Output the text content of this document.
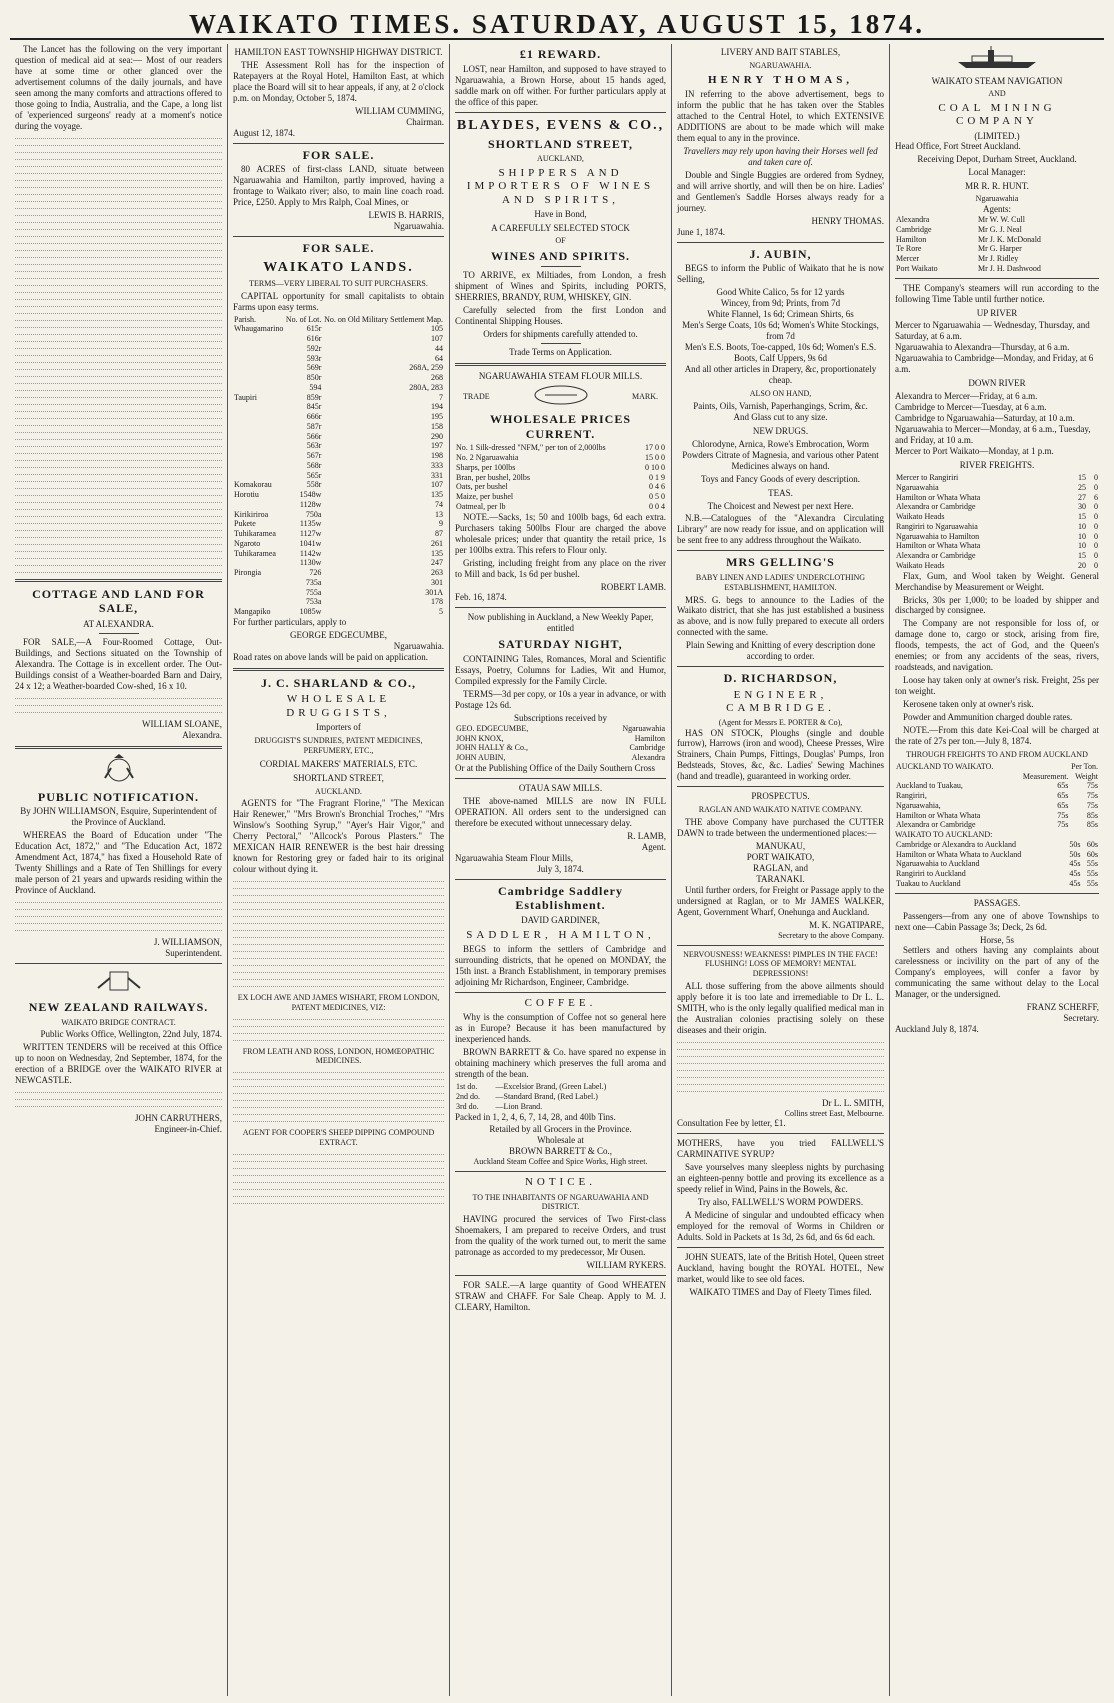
WAIKATO TIMES. SATURDAY, AUGUST 15, 1874.

The Lancet has the following on the very important question of medical aid at sea:— Most of our readers have at some time or other glanced over the advertisement columns of the daily journals, and have seen among the many comforts and attractions offered to those going to India, Australia, and the Cape, a long list of 'experienced surgeons' ready at a moment's notice during the voyage.

COTTAGE AND LAND FOR SALE,
AT ALEXANDRA.

FOR SALE,—A Four-Roomed Cottage, Out-Buildings, and Sections situated on the Township of Alexandra. The Cottage is in excellent order. The Out-Buildings consist of a Weather-boarded Barn and Dairy, 24 x 12; a Weather-boarded Cow-shed, 16 x 10.

WILLIAM SLOANE,
Alexandra.
PUBLIC NOTIFICATION.

By JOHN WILLIAMSON, Esquire, Superintendent of the Province of Auckland.

WHEREAS the Board of Education under "The Education Act, 1872," and "The Education Act, 1872 Amendment Act, 1874," has fixed a Household Rate of Twenty Shillings and a Rate of Ten Shillings for every male person of 21 years and upwards residing within the Province of Auckland.

J. WILLIAMSON,
Superintendent.
NEW ZEALAND RAILWAYS.
WAIKATO BRIDGE CONTRACT.

Public Works Office, Wellington, 22nd July, 1874.

WRITTEN TENDERS will be received at this Office up to noon on Wednesday, 2nd September, 1874, for the erection of a BRIDGE over the WAIKATO RIVER at NEWCASTLE.

JOHN CARRUTHERS,
Engineer-in-Chief.
HAMILTON EAST TOWNSHIP HIGHWAY DISTRICT.

THE Assessment Roll has for the inspection of Ratepayers at the Royal Hotel, Hamilton East, at which place the Board will sit to hear appeals, if any, at 2 o'clock p.m. on Monday, October 5, 1874.

WILLIAM CUMMING,
Chairman.
August 12, 1874.
FOR SALE.

80 ACRES of first-class LAND, situate between Ngaruawahia and Hamilton, partly improved, having a frontage to Waikato river; also, to main line coach road. Price, £250. Apply to Mrs Ralph, Coal Mines, or

LEWIS B. HARRIS,
Ngaruawahia.
FOR SALE.
WAIKATO LANDS.
TERMS—VERY LIBERAL TO SUIT PURCHASERS.

CAPITAL opportunity for small capitalists to obtain Farms upon easy terms.

Parish.	No. of Lot.	No. on Old Military Settlement Map.
Whaugamarino	615r	105
	616r	107
	592r	44
	593r	64
	569r	268A, 259
	850r	268
	594	280A, 283
Taupiri	859r	7
	845r	194
	666r	195
	587r	158
	566r	290
	563r	197
	567r	198
	568r	333
	565r	331
Komakorau	558r	107
Horotiu	1548w	135
	1128w	74
Kirikiriroa	750a	13
Pukete	1135w	9
Tuhikaramea	1127w	87
Ngaroto	1041w	261
Tuhikaramea	1142w	135
	1130w	247
Pirongia	726	263
	735a	301
	755a	301A
	753a	178
Mangapiko	1085w	5

For further particulars, apply to

GEORGE EDGECUMBE,
Ngaruawahia.

Road rates on above lands will be paid on application.

J. C. SHARLAND & CO.,
WHOLESALE DRUGGISTS,
Importers of
DRUGGIST'S SUNDRIES, PATENT MEDICINES, PERFUMERY, ETC.,
CORDIAL MAKERS' MATERIALS, ETC.
SHORTLAND STREET,
AUCKLAND.

AGENTS for "The Fragrant Florine," "The Mexican Hair Renewer," "Mrs Brown's Bronchial Troches," "Mrs Winslow's Soothing Syrup," "Ayer's Hair Vigor," and Cherry Pectoral," "Allcock's Porous Plasters." The MEXICAN HAIR RENEWER is the best hair dressing known for Restoring grey or faded hair to its original colour without dying it.

EX LOCH AWE AND JAMES WISHART, FROM LONDON, PATENT MEDICINES, VIZ:
FROM LEATH AND ROSS, LONDON, HOMŒOPATHIC MEDICINES.
AGENT FOR COOPER'S SHEEP DIPPING COMPOUND EXTRACT.
£1 REWARD.

LOST, near Hamilton, and supposed to have strayed to Ngaruawahia, a Brown Horse, about 15 hands aged, saddle mark on off wither. For further particulars apply at the office of this paper.

BLAYDES, EVENS & CO.,
SHORTLAND STREET,
AUCKLAND,
SHIPPERS AND IMPORTERS OF WINES AND SPIRITS,
Have in Bond,
A CAREFULLY SELECTED STOCK
OF
WINES AND SPIRITS.

TO ARRIVE, ex Miltiades, from London, a fresh shipment of Wines and Spirits, including PORTS, SHERRIES, BRANDY, RUM, WHISKEY, GIN.

Carefully selected from the first London and Continental Shipping Houses.

Orders for shipments carefully attended to.

Trade Terms on Application.

NGARUAWAHIA STEAM FLOUR MILLS.
TRADE	MARK.
WHOLESALE PRICES CURRENT.
No. 1 Silk-dressed "NFM," per ton of 2,000lbs	17 0 0
No. 2 Ngaruawahia	15 0 0
Sharps, per 100lbs	0 10 0
Bran, per bushel, 20lbs	0 1 9
Oats, per bushel	0 4 6
Maize, per bushel	0 5 0
Oatmeal, per lb	0 0 4

NOTE.—Sacks, 1s; 50 and 100lb bags, 6d each extra. Purchasers taking 500lbs Flour are charged the above wholesale prices; under that quantity the retail price, 1s per 100lbs extra. This refers to Flour only.

Gristing, including freight from any place on the river to Mill and back, 1s 6d per bushel.

ROBERT LAMB.
Feb. 16, 1874.

Now publishing in Auckland, a New Weekly Paper, entitled

SATURDAY NIGHT,

CONTAINING Tales, Romances, Moral and Scientific Essays, Poetry, Columns for Ladies, Wit and Humor, Compiled expressly for the Family Circle.

TERMS—3d per copy, or 10s a year in advance, or with Postage 12s 6d.

Subscriptions received by
GEO. EDGECUMBE,	Ngaruawahia
JOHN KNOX,	Hamilton
JOHN HALLY & Co.,	Cambridge
JOHN AUBIN,	Alexandra

Or at the Publishing Office of the Daily Southern Cross

OTAUA SAW MILLS.

THE above-named MILLS are now IN FULL OPERATION. All orders sent to the undersigned can therefore be executed without unnecessary delay.

R. LAMB,
Agent.
Ngaruawahia Steam Flour Mills,
July 3, 1874.
Cambridge Saddlery Establishment.
DAVID GARDINER,
SADDLER, HAMILTON,

BEGS to inform the settlers of Cambridge and surrounding districts, that he opened on MONDAY, the 15th inst. a Branch Establishment, in temporary premises adjoining Mr Richardson, Engineer, Cambridge.

COFFEE.

Why is the consumption of Coffee not so general here as in Europe? Because it has been manufactured by inexperienced hands.

BROWN BARRETT & Co. have spared no expense in obtaining machinery which preserves the full aroma and strength of the bean.

1st do.	—Excelsior Brand, (Green Label.)
2nd do.	—Standard Brand, (Red Label.)
3rd do.	—Lion Brand.

Packed in 1, 2, 4, 6, 7, 14, 28, and 40lb Tins.

Retailed by all Grocers in the Province.
Wholesale at
BROWN BARRETT & Co.,
Auckland Steam Coffee and Spice Works, High street.
NOTICE.
TO THE INHABITANTS OF NGARUAWAHIA AND DISTRICT.

HAVING procured the services of Two First-class Shoemakers, I am prepared to receive Orders, and trust from the quality of the work turned out, to merit the same patronage as accorded to my predecessor, Mr Ousen.

WILLIAM RYKERS.

FOR SALE.—A large quantity of Good WHEATEN STRAW and CHAFF. For Sale Cheap. Apply to M. J. CLEARY, Hamilton.

LIVERY AND BAIT STABLES,
NGARUAWAHIA.
HENRY THOMAS,

IN referring to the above advertisement, begs to inform the public that he has taken over the Stables attached to the Central Hotel, to which EXTENSIVE ADDITIONS are about to be made which will make them equal to any in the province.

Travellers may rely upon having their Horses well fed and taken care of.

Double and Single Buggies are ordered from Sydney, and will arrive shortly, and will then be on hire. Ladies' and Gentlemen's Saddle Horses always ready for a journey.

HENRY THOMAS.
June 1, 1874.
J. AUBIN,

BEGS to inform the Public of Waikato that he is now Selling,

Good White Calico, 5s for 12 yards
Wincey, from 9d; Prints, from 7d
White Flannel, 1s 6d; Crimean Shirts, 6s
Men's Serge Coats, 10s 6d; Women's White Stockings, from 7d
Men's E.S. Boots, Toe-capped, 10s 6d; Women's E.S. Boots, Calf Uppers, 9s 6d
And all other articles in Drapery, &c, proportionately cheap.
ALSO ON HAND,
Paints, Oils, Varnish, Paperhangings, Scrim, &c.
And Glass cut to any size.
NEW DRUGS.

Chlorodyne, Arnica, Rowe's Embrocation, Worm Powders Citrate of Magnesia, and various other Patent Medicines always on hand.

Toys and Fancy Goods of every description.

TEAS.

The Choicest and Newest per next Here.

N.B.—Catalogues of the "Alexandra Circulating Library" are now ready for issue, and on application will be sent free to any address throughout the Waikato.

MRS GELLING'S
BABY LINEN AND LADIES' UNDERCLOTHING ESTABLISHMENT, HAMILTON.

MRS. G. begs to announce to the Ladies of the Waikato district, that she has just established a business as above, and is now fully prepared to execute all orders connected with the same.

Plain Sewing and Knitting of every description done according to order.

D. RICHARDSON,
ENGINEER, CAMBRIDGE.
(Agent for Messrs E. PORTER & Co),

HAS ON STOCK, Ploughs (single and double furrow), Harrows (iron and wood), Cheese Presses, Wire Strainers, Chain Pumps, Fittings, Douglas' Pumps, Iron Bedsteads, Stoves, &c, &c. Ladies' Sewing Machines (hand and treadle), guaranteed in working order.

PROSPECTUS.
RAGLAN AND WAIKATO NATIVE COMPANY.

THE above Company have purchased the CUTTER DAWN to trade between the undermentioned places:—

MANUKAU,
PORT WAIKATO,
RAGLAN, and
TARANAKI.

Until further orders, for Freight or Passage apply to the undersigned at Raglan, or to Mr JAMES WALKER, Agent, Government Wharf, Onehunga and Auckland.

M. K. NGATIPARE,
Secretary to the above Company.
NERVOUSNESS! WEAKNESS! PIMPLES IN THE FACE! FLUSHING! LOSS OF MEMORY! MENTAL DEPRESSIONS!

ALL those suffering from the above ailments should apply before it is too late and irremediable to Dr L. L. SMITH, who is the only legally qualified medical man in the Australian colonies practising solely on these diseases and their origin.

Dr L. L. SMITH,
Collins street East, Melbourne.

Consultation Fee by letter, £1.

MOTHERS, have you tried FALLWELL'S CARMINATIVE SYRUP?

Save yourselves many sleepless nights by purchasing an eighteen-penny bottle and proving its excellence as a speedy relief in Wind, Pains in the Bowels, &c.

Try also, FALLWELL'S WORM POWDERS.

A Medicine of singular and undoubted efficacy when employed for the removal of Worms in Children or Adults. Sold in Packets at 1s 3d, 2s 6d, and 6s 6d each.

JOHN SUEATS, late of the British Hotel, Queen street Auckland, having bought the ROYAL HOTEL, New market, would like to see old faces.

WAIKATO TIMES and Day of Fleety Times filed.

WAIKATO STEAM NAVIGATION
AND
COAL MINING COMPANY
(LIMITED.)

Head Office, Fort Street Auckland.

Receiving Depot, Durham Street, Auckland.

Local Manager:
MR R. R. HUNT.
Ngaruawahia
Agents:
Alexandra	Mr W. W. Cull
Cambridge	Mr G. J. Neal
Hamilton	Mr J. K. McDonald
Te Rore	Mr G. Harper
Mercer	Mr J. Ridley
Port Waikato	Mr J. H. Dashwood

THE Company's steamers will run according to the following Time Table until further notice.

UP RIVER
Mercer to Ngaruawahia — Wednesday, Thursday, and Saturday, at 6 a.m.
Ngaruawahia to Alexandra—Thursday, at 6 a.m.
Ngaruawahia to Cambridge—Monday, and Friday, at 6 a.m.
DOWN RIVER
Alexandra to Mercer—Friday, at 6 a.m.
Cambridge to Mercer—Tuesday, at 6 a.m.
Cambridge to Ngaruawahia—Saturday, at 10 a.m.
Ngaruawahia to Mercer—Monday, at 6 a.m., Tuesday, and Friday, at 10 a.m.
Mercer to Port Waikato—Monday, at 1 p.m.
RIVER FREIGHTS.
Mercer to Rangiriri	15	0
Ngaruawahia	25	0
Hamilton or Whata Whata	27	6
Alexandra or Cambridge	30	0
Waikato Heads	15	0
Rangiriri to Ngaruawahia	10	0
Ngaruawahia to Hamilton	10	0
Hamilton or Whata Whata	10	0
Alexandra or Cambridge	15	0
Waikato Heads	20	0

Flax, Gum, and Wool taken by Weight. General Merchandise by Measurement or Weight.

Bricks, 30s per 1,000; to be loaded by shipper and discharged by consignee.

The Company are not responsible for loss of, or damage done to, cargo or stock, arising from fire, floods, tempests, the act of God, and the Queen's enemies; or from any accidents of the seas, rivers, roadsteads, and navigation.

Loose hay taken only at owner's risk. Freight, 25s per ton weight.

Kerosene taken only at owner's risk.

Powder and Ammunition charged double rates.

NOTE.—From this date Kei-Coal will be charged at the rate of 27s per ton.—July 8, 1874.

THROUGH FREIGHTS TO AND FROM AUCKLAND
AUCKLAND TO WAIKATO.	Per Ton.	
	Measurement.	Weight
Auckland to Tuakau,	65s	75s
Rangiriri,	65s	75s
Ngaruawahia,	65s	75s
Hamilton or Whata Whata	75s	85s
Alexandra or Cambridge	75s	85s
WAIKATO TO AUCKLAND:
Cambridge or Alexandra to Auckland	50s	60s
Hamilton or Whata Whata to Auckland	50s	60s
Ngaruawahia to Auckland	45s	55s
Rangiriri to Auckland	45s	55s
Tuakau to Auckland	45s	55s
PASSAGES.

Passengers—from any one of above Townships to next one—Cabin Passage 3s; Deck, 2s 6d.

Horse, 5s

Settlers and others having any complaints about carelessness or incivility on the part of any of the Company's employees, will confer a favor by communicating the same without delay to the Local Manager, or the undersigned.

FRANZ SCHERFF,
Secretary.
Auckland July 8, 1874.
